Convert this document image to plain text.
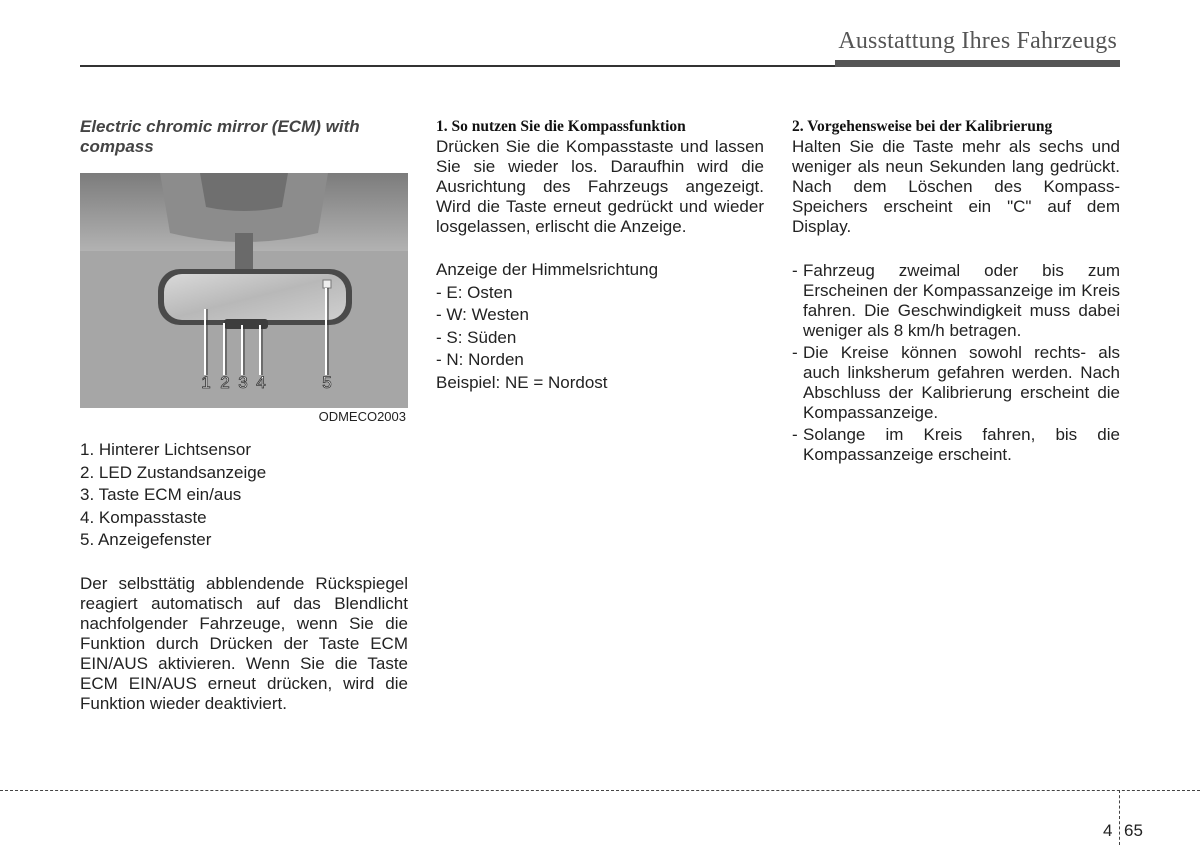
Ausstattung Ihres Fahrzeugs
Electric chromic mirror (ECM) with compass
1 2 3 4	5
ODMECO2003
1. Hinterer Lichtsensor
2. LED Zustandsanzeige
3. Taste ECM ein/aus
4. Kompasstaste
5. Anzeigefenster

Der selbsttätig abblendende Rückspiegel reagiert automatisch auf das Blendlicht nachfolgender Fahrzeuge, wenn Sie die Funktion durch Drücken der Taste ECM EIN/AUS aktivieren. Wenn Sie die Taste ECM EIN/AUS erneut drücken, wird die Funktion wieder deaktiviert.

1. So nutzen Sie die Kompassfunktion

Drücken Sie die Kompasstaste und lassen Sie sie wieder los. Daraufhin wird die Ausrichtung des Fahrzeugs angezeigt. Wird die Taste erneut gedrückt und wieder losgelassen, erlischt die Anzeige.

Anzeige der Himmelsrichtung
- E: Osten
- W: Westen
- S: Süden
- N: Norden
Beispiel: NE = Nordost
2. Vorgehensweise bei der Kalibrierung

Halten Sie die Taste mehr als sechs und weniger als neun Sekunden lang gedrückt. Nach dem Löschen des Kompass-Speichers erscheint ein "C" auf dem Display.

- Fahrzeug zweimal oder bis zum Erscheinen der Kompassanzeige im Kreis fahren. Die Geschwindigkeit muss dabei weniger als 8 km/h betragen.
- Die Kreise können sowohl rechts- als auch linksherum gefahren werden. Nach Abschluss der Kalibrierung erscheint die Kompassanzeige.
- Solange im Kreis fahren, bis die Kompassanzeige erscheint.
4 65
